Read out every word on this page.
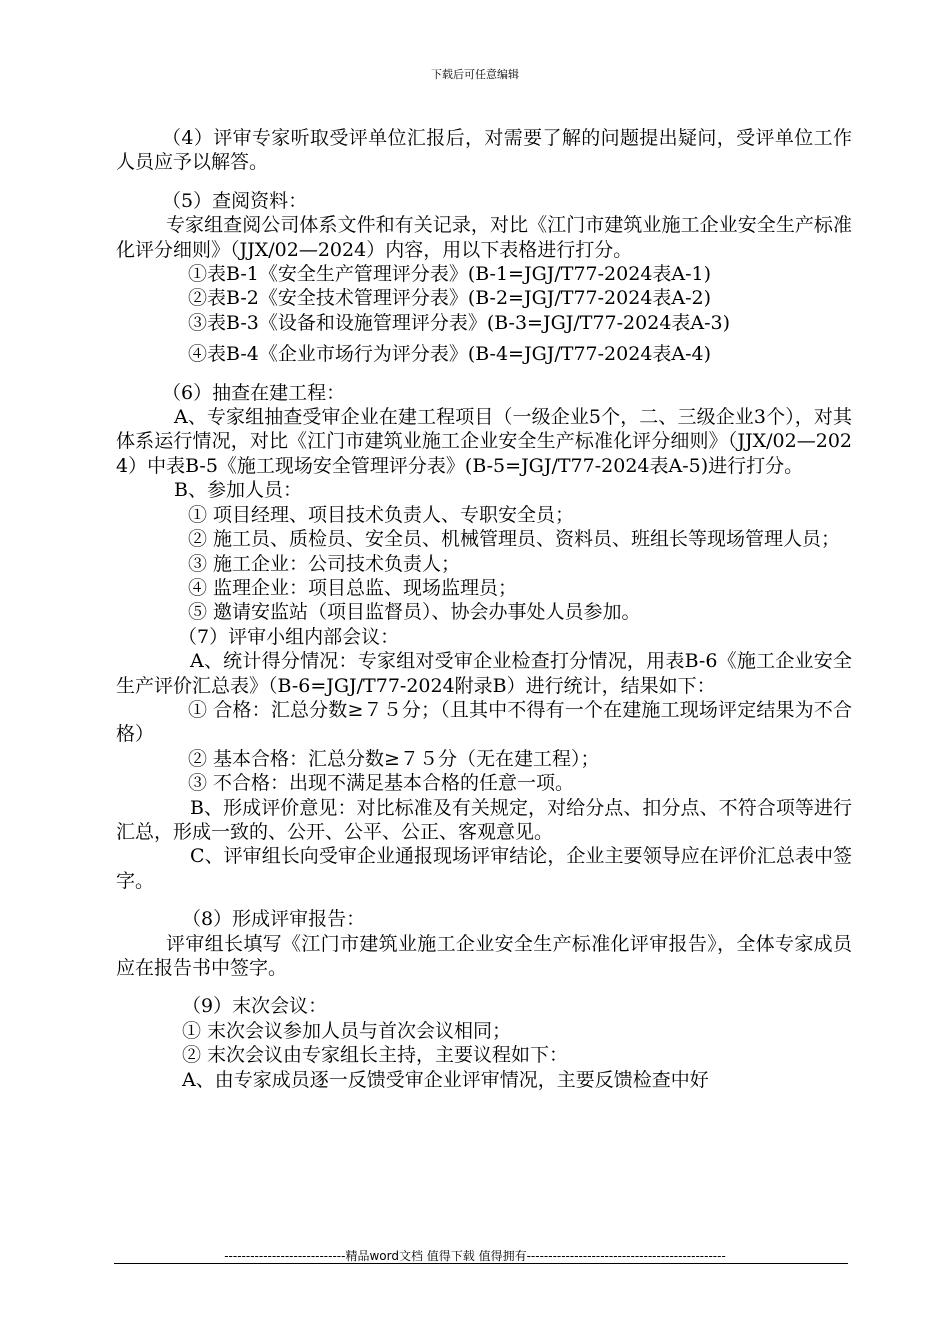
下载后可任意编辑

（4）评审专家听取受评单位汇报后，对需要了解的问题提出疑问，受评单位工作人员应予以解答。

（5）查阅资料：

专家组查阅公司体系文件和有关记录，对比《江门市建筑业施工企业安全生产标准化评分细则》（JJX/02—2024）内容，用以下表格进行打分。

①表B-1《安全生产管理评分表》(B-1=JGJ/T77-2024表A-1)

②表B-2《安全技术管理评分表》(B-2=JGJ/T77-2024表A-2)

③表B-3《设备和设施管理评分表》(B-3=JGJ/T77-2024表A-3)

④表B-4《企业市场行为评分表》(B-4=JGJ/T77-2024表A-4)

（6）抽查在建工程：

A、专家组抽查受审企业在建工程项目（一级企业5个，二、三级企业3个），对其体系运行情况，对比《江门市建筑业施工企业安全生产标准化评分细则》（JJX/02—2024）中表B-5《施工现场安全管理评分表》(B-5=JGJ/T77-2024表A-5)进行打分。

B、参加人员：

① 项目经理、项目技术负责人、专职安全员；

② 施工员、质检员、安全员、机械管理员、资料员、班组长等现场管理人员；

③ 施工企业：公司技术负责人；

④ 监理企业：项目总监、现场监理员；

⑤ 邀请安监站（项目监督员）、协会办事处人员参加。

（7）评审小组内部会议：

A、统计得分情况：专家组对受审企业检查打分情况，用表B-6《施工企业安全生产评价汇总表》（B-6=JGJ/T77-2024附录B）进行统计，结果如下：

① 合格：汇总分数≥７５分；（且其中不得有一个在建施工现场评定结果为不合格）

② 基本合格：汇总分数≥７５分（无在建工程）；

③ 不合格：出现不满足基本合格的任意一项。

B、形成评价意见：对比标准及有关规定，对给分点、扣分点、不符合项等进行汇总，形成一致的、公开、公平、公正、客观意见。

C、评审组长向受审企业通报现场评审结论，企业主要领导应在评价汇总表中签字。

（8）形成评审报告：

评审组长填写《江门市建筑业施工企业安全生产标准化评审报告》，全体专家成员应在报告书中签字。

（9）末次会议：

① 末次会议参加人员与首次会议相同；

② 末次会议由专家组长主持，主要议程如下：

A、由专家成员逐一反馈受审企业评审情况，主要反馈检查中好

----------------------------精品word文档 值得下载 值得拥有----------------------------------------------
